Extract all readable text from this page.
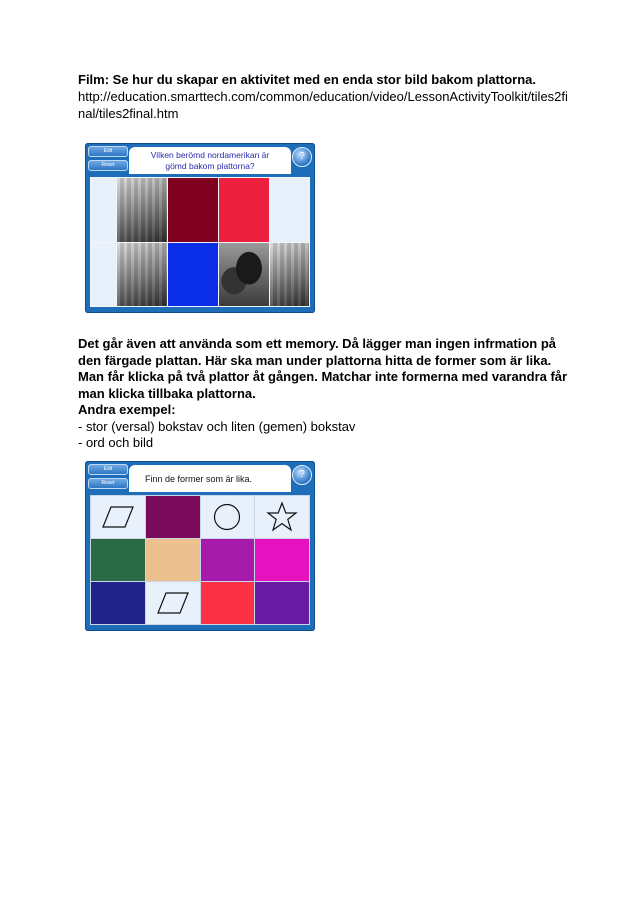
Film: Se hur du skapar en aktivitet med en enda stor bild bakom plattorna.
http://education.smarttech.com/common/education/video/LessonActivityToolkit/tiles2final/tiles2final.htm
Edit
Reset
Vilken berömd nordamerikan är
gömd bakom plattorna?
?
Det går även att använda som ett memory. Då lägger man ingen infrmation på
den färgade plattan. Här ska man under plattorna hitta de former som är lika.
Man får klicka på två plattor åt gången. Matchar inte formerna med varandra får
man klicka tillbaka plattorna.
Andra exempel:
- stor (versal) bokstav och liten (gemen) bokstav
- ord och bild
Edit
Reset	Finn de former som är lika.	?
